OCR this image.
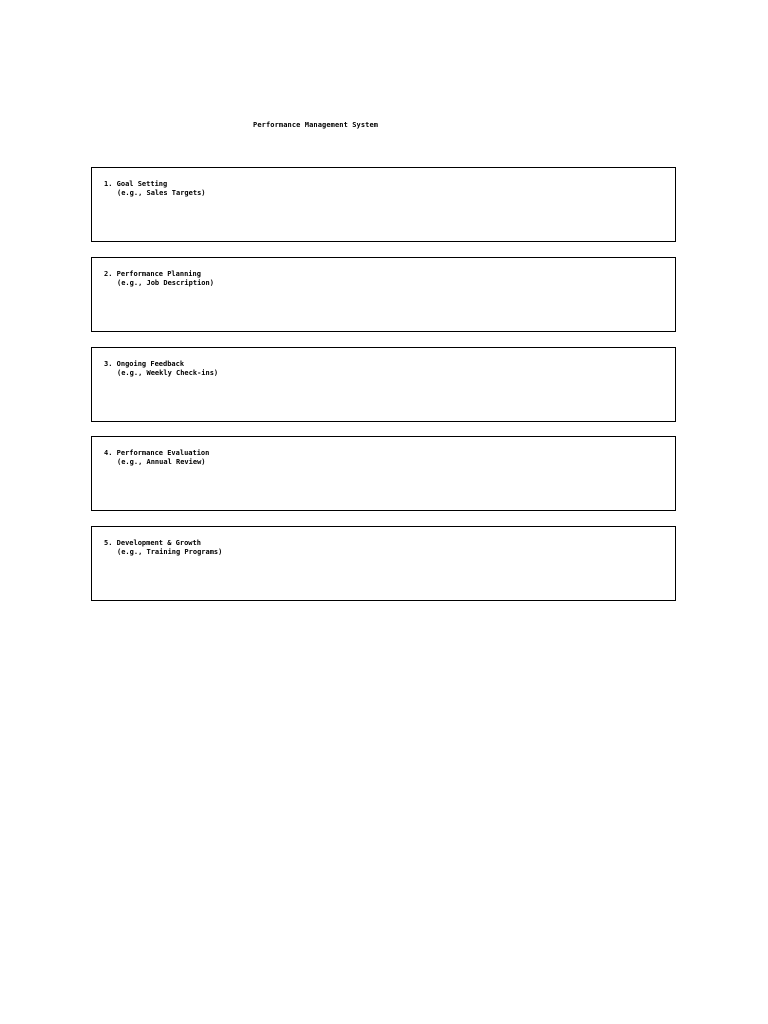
Performance Management System
1. Goal Setting
(e.g., Sales Targets)
2. Performance Planning
(e.g., Job Description)
3. Ongoing Feedback
(e.g., Weekly Check-ins)
4. Performance Evaluation
(e.g., Annual Review)
5. Development & Growth
(e.g., Training Programs)
